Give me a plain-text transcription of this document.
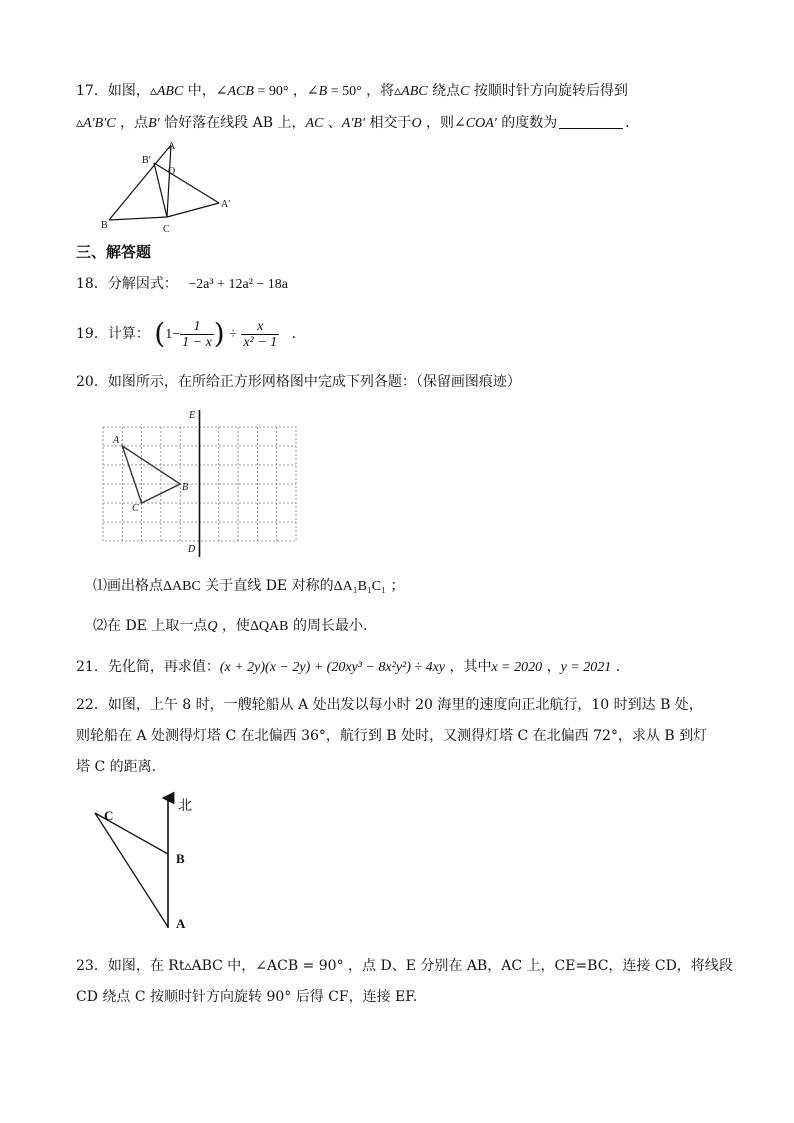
17．如图，▵ABC 中，∠ACB = 90° ，∠B = 50° ，将▵ABC 绕点C 按顺时针方向旋转后得到
▵A′B′C ，点B′ 恰好落在线段 AB 上，AC 、A′B′ 相交于O ，则∠COA′ 的度数为	．
A
B′
O
A′
B	C
三、解答题
18．分解因式： −2a³ + 12a² − 18a
19．计算： ($1- \frac{1}{1 - x}$ ) ÷ $\frac{x}{\text{x² − 1}}$ ．
20．如图所示，在所给正方形网格图中完成下列各题：（保留画图痕迹）
E
A
B
C
D
⑴画出格点ΔABC 关于直线 DE 对称的ΔA₁B₁C₁ ；
⑵在 DE 上取一点Q ，使ΔQAB 的周长最小.
21．先化简，再求值：(x + 2y)(x − 2y) + (20xy³ − 8x²y²) ÷ 4xy ，其中x = 2020 ，y = 2021 ．
22．如图，上午 8 时，一艘轮船从 A 处出发以每小时 20 海里的速度向正北航行，10 时到达 B 处，
则轮船在 A 处测得灯塔 C 在北偏西 36°，航行到 B 处时，又测得灯塔 C 在北偏西 72°，求从 B 到灯
塔 C 的距离.
北
C
B
A
23．如图，在 Rt▵ABC 中，∠ACB = 90° ，点 D、E 分别在 AB，AC 上，CE=BC，连接 CD，将线段
CD 绕点 C 按顺时针方向旋转 90° 后得 CF，连接 EF.
